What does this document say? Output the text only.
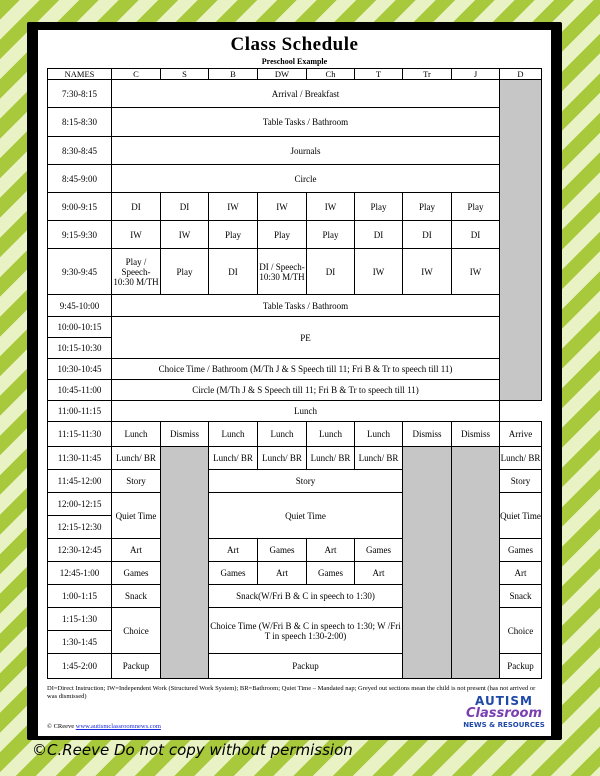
Class Schedule
Preschool Example
NAMES	C	S	B	DW	Ch	T	Tr	J	D
7:30-8:15	Arrival / Breakfast								
8:15-8:30	Table Tasks / Bathroom								
8:30-8:45	Journals								
8:45-9:00	Circle								
9:00-9:15	DI	DI	IW	IW	IW	Play	Play	Play	
9:15-9:30	IW	IW	Play	Play	Play	DI	DI	DI	
9:30-9:45	Play / Speech-10:30 M/TH	Play	DI	DI / Speech-10:30 M/TH	DI	IW	IW	IW	
9:45-10:00	Table Tasks / Bathroom								
10:00-10:15	PE								
10:15-10:30									
10:30-10:45	Choice Time / Bathroom (M/Th J & S Speech till 11; Fri B & Tr to speech till 11)								
10:45-11:00	Circle (M/Th J & S Speech till 11; Fri B & Tr to speech till 11)								
11:00-11:15	Lunch								
11:15-11:30	Lunch	Dismiss	Lunch	Lunch	Lunch	Lunch	Dismiss	Dismiss	Arrive
11:30-11:45	Lunch/ BR		Lunch/ BR	Lunch/ BR	Lunch/ BR	Lunch/ BR			Lunch/ BR
11:45-12:00	Story		Story						Story
12:00-12:15	Quiet Time		Quiet Time						Quiet Time
12:15-12:30									
12:30-12:45	Art		Art	Games	Art	Games			Games
12:45-1:00	Games		Games	Art	Games	Art			Art
1:00-1:15	Snack		Snack(W/Fri B & C in speech to 1:30)						Snack
1:15-1:30	Choice		Choice Time (W/Fri B & C in speech to 1:30; W /Fri T in speech 1:30-2:00)						Choice
1:30-1:45									
1:45-2:00	Packup		Packup						Packup
DI=Direct Instruction; IW=Independent Work (Structured Work System); BR=Bathroom; Quiet Time – Mandated nap; Greyed out sections mean the child is not present (has not arrived or was dismissed)
© CReeve www.autismclassroomnews.com
AUTISM
Classroom
NEWS & RESOURCES
©C.Reeve Do not copy without permission
